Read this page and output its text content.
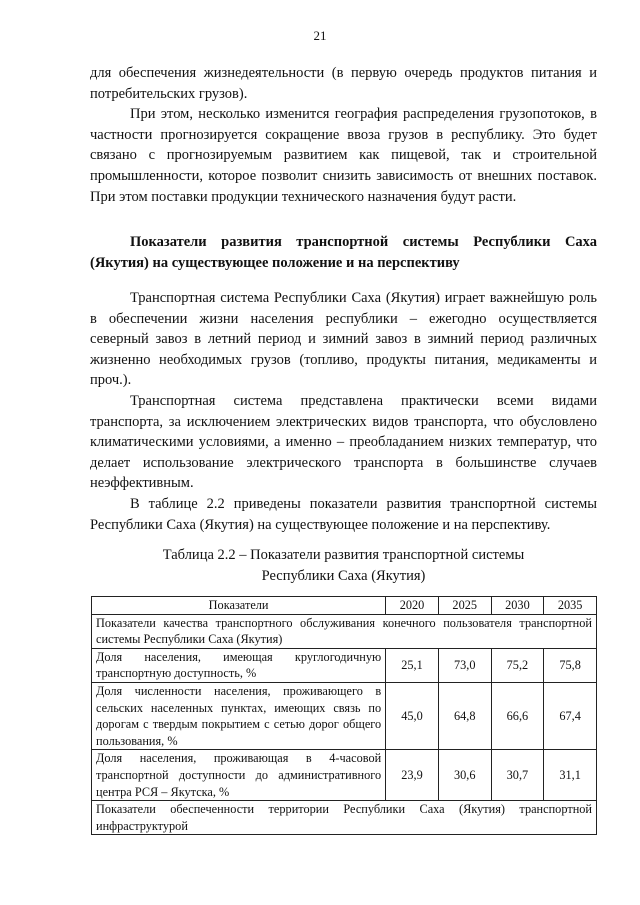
21

для обеспечения жизнедеятельности (в первую очередь продуктов питания и потребительских грузов).

При этом, несколько изменится география распределения грузопотоков, в частности прогнозируется сокращение ввоза грузов в республику. Это будет связано с прогнозируемым развитием как пищевой, так и строительной промышленности, которое позволит снизить зависимость от внешних поставок. При этом поставки продукции технического назначения будут расти.

Показатели развития транспортной системы Республики Саха (Якутия) на существующее положение и на перспективу

Транспортная система Республики Саха (Якутия) играет важнейшую роль в обеспечении жизни населения республики – ежегодно осуществляется северный завоз в летний период и зимний завоз в зимний период различных жизненно необходимых грузов (топливо, продукты питания, медикаменты и проч.).

Транспортная система представлена практически всеми видами транспорта, за исключением электрических видов транспорта, что обусловлено климатическими условиями, а именно – преобладанием низких температур, что делает использование электрического транспорта в большинстве случаев неэффективным.

В таблице 2.2 приведены показатели развития транспортной системы Республики Саха (Якутия) на существующее положение и на перспективу.

Таблица 2.2 – Показатели развития транспортной системы
Республики Саха (Якутия)
Показатели	2020	2025	2030	2035
Показатели качества транспортного обслуживания конечного пользователя транспортной системы Республики Саха (Якутия)				
Доля населения, имеющая круглогодичную транспортную доступность, %	25,1	73,0	75,2	75,8
Доля численности населения, проживающего в сельских населенных пунктах, имеющих связь по дорогам с твердым покрытием с сетью дорог общего пользования, %	45,0	64,8	66,6	67,4
Доля населения, проживающая в 4-часовой транспортной доступности до административного центра РСЯ – Якутска, %	23,9	30,6	30,7	31,1
Показатели обеспеченности территории Республики Саха (Якутия) транспортной инфраструктурой				
